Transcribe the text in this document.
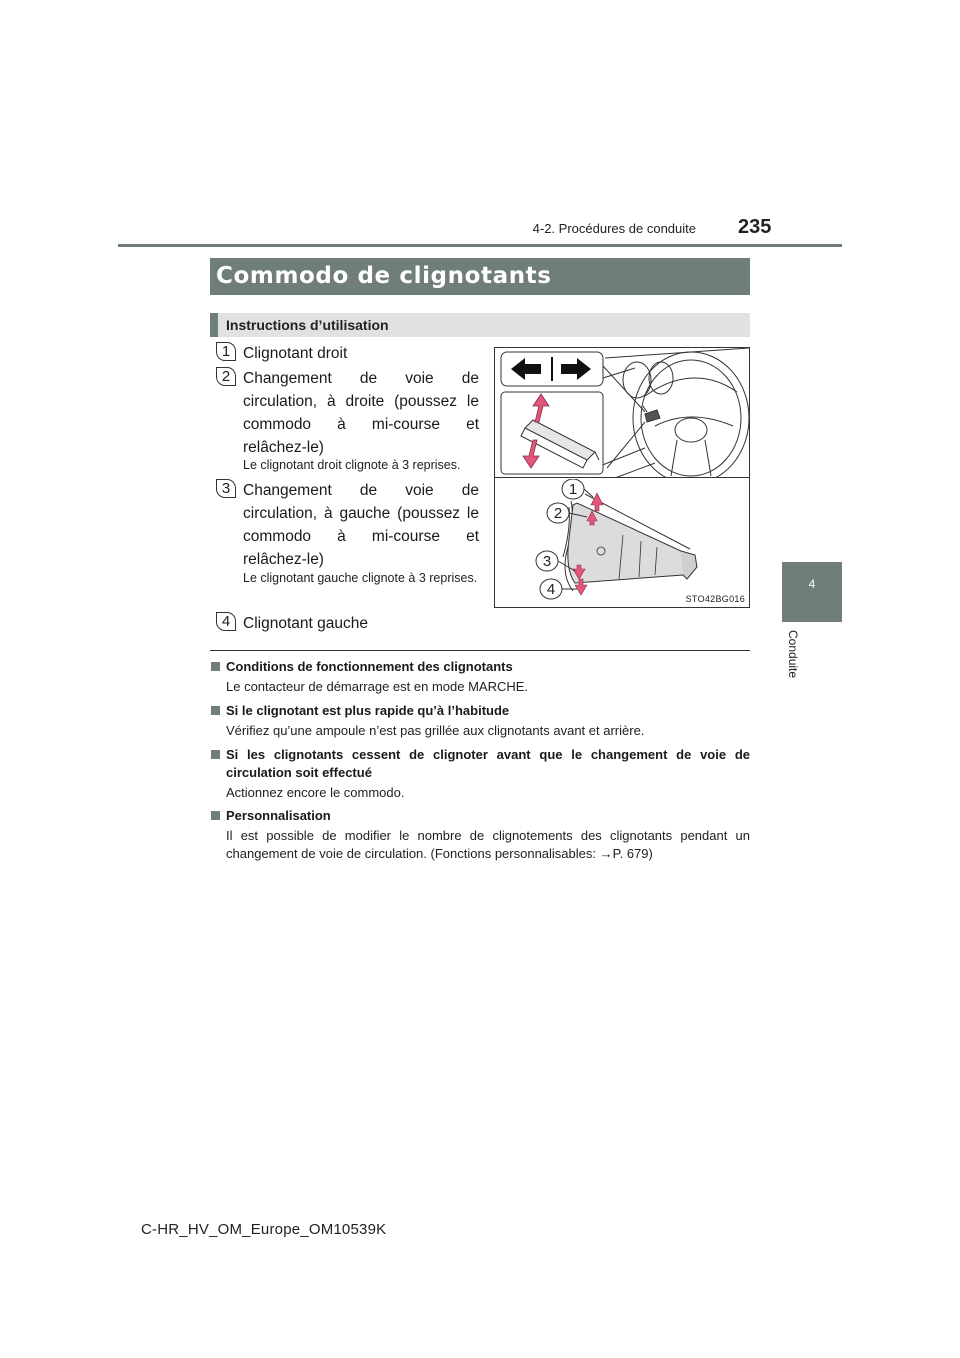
4-2. Procédures de conduite 235
4
Conduite
Commodo de clignotants
Instructions d’utilisation
1 Clignotant droit
2 Changement de voie de circulation, à droite (poussez le commodo à mi-course et relâchez-le)
Le clignotant droit clignote à 3 reprises.
3 Changement de voie de circulation, à gauche (poussez le commodo à mi-course et relâchez-le)
Le clignotant gauche clignote à 3 reprises.
4 Clignotant gauche
1
2
3
4
STO42BG016
Conditions de fonctionnement des clignotants
Le contacteur de démarrage est en mode MARCHE.
Si le clignotant est plus rapide qu’à l’habitude
Vérifiez qu’une ampoule n’est pas grillée aux clignotants avant et arrière.
Si les clignotants cessent de clignoter avant que le changement de voie de circulation soit effectué
Actionnez encore le commodo.
Personnalisation
Il est possible de modifier le nombre de clignotements des clignotants pendant un changement de voie de circulation. (Fonctions personnalisables: →P. 679)
C-HR_HV_OM_Europe_OM10539K
